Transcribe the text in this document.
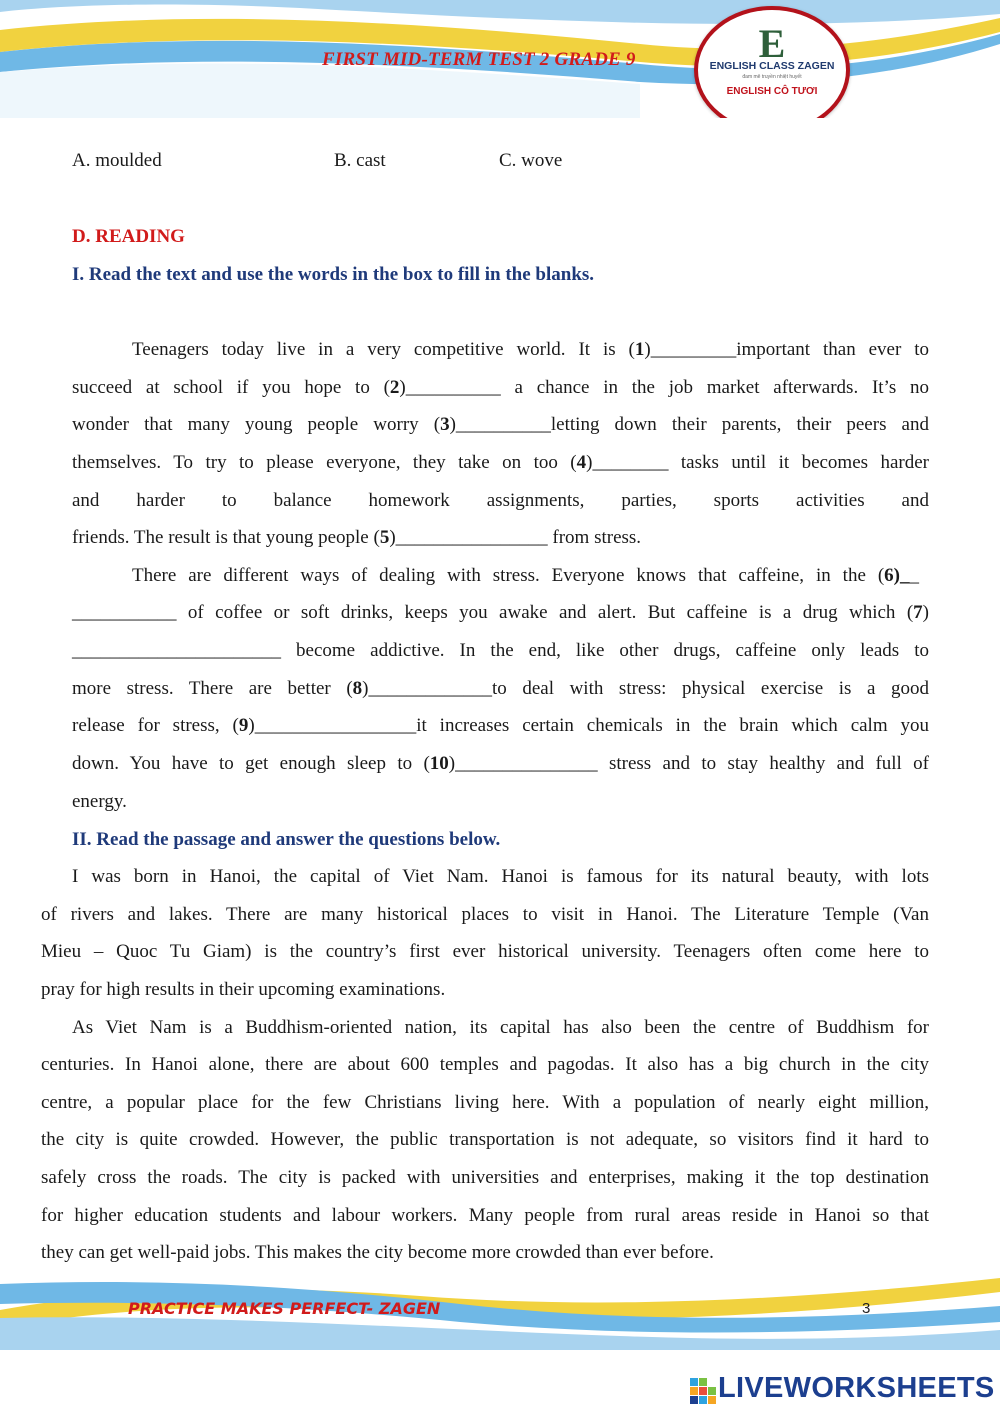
FIRST MID-TERM TEST 2 GRADE 9	E
ENGLISH CLASS ZAGEN
đam mê truyền nhiệt huyết
ENGLISH CÔ TƯƠI
A. moulded	B. cast	C. wove
D. READING
I. Read the text and use the words in the box to fill in the blanks.
Teenagers today live in a very competitive world. It is (1)_________important than ever to
succeed at school if you hope to (2)__________ a chance in the job market afterwards. It’s no
wonder that many young people worry (3)__________letting down their parents, their peers and
themselves. To try to please everyone, they take on too (4)________ tasks until it becomes harder
and harder to balance homework assignments, parties, sports activities and
friends. The result is that young people (5)________________ from stress.
There are different ways of dealing with stress. Everyone knows that caffeine, in the (6)__
___________ of coffee or soft drinks, keeps you awake and alert. But caffeine is a drug which (7)
______________________ become addictive. In the end, like other drugs, caffeine only leads to
more stress. There are better (8)_____________to deal with stress: physical exercise is a good
release for stress, (9)_________________it increases certain chemicals in the brain which calm you
down. You have to get enough sleep to (10)_______________ stress and to stay healthy and full of
energy.
II. Read the passage and answer the questions below.
I was born in Hanoi, the capital of Viet Nam. Hanoi is famous for its natural beauty, with lots
of rivers and lakes. There are many historical places to visit in Hanoi. The Literature Temple (Van
Mieu – Quoc Tu Giam) is the country’s first ever historical university. Teenagers often come here to
pray for high results in their upcoming examinations.
As Viet Nam is a Buddhism-oriented nation, its capital has also been the centre of Buddhism for
centuries. In Hanoi alone, there are about 600 temples and pagodas. It also has a big church in the city
centre, a popular place for the few Christians living here. With a population of nearly eight million,
the city is quite crowded. However, the public transportation is not adequate, so visitors find it hard to
safely cross the roads. The city is packed with universities and enterprises, making it the top destination
for higher education students and labour workers. Many people from rural areas reside in Hanoi so that
they can get well-paid jobs. This makes the city become more crowded than ever before.
PRACTICE MAKES PERFECT- ZAGEN	3
LIVEWORKSHEETS
